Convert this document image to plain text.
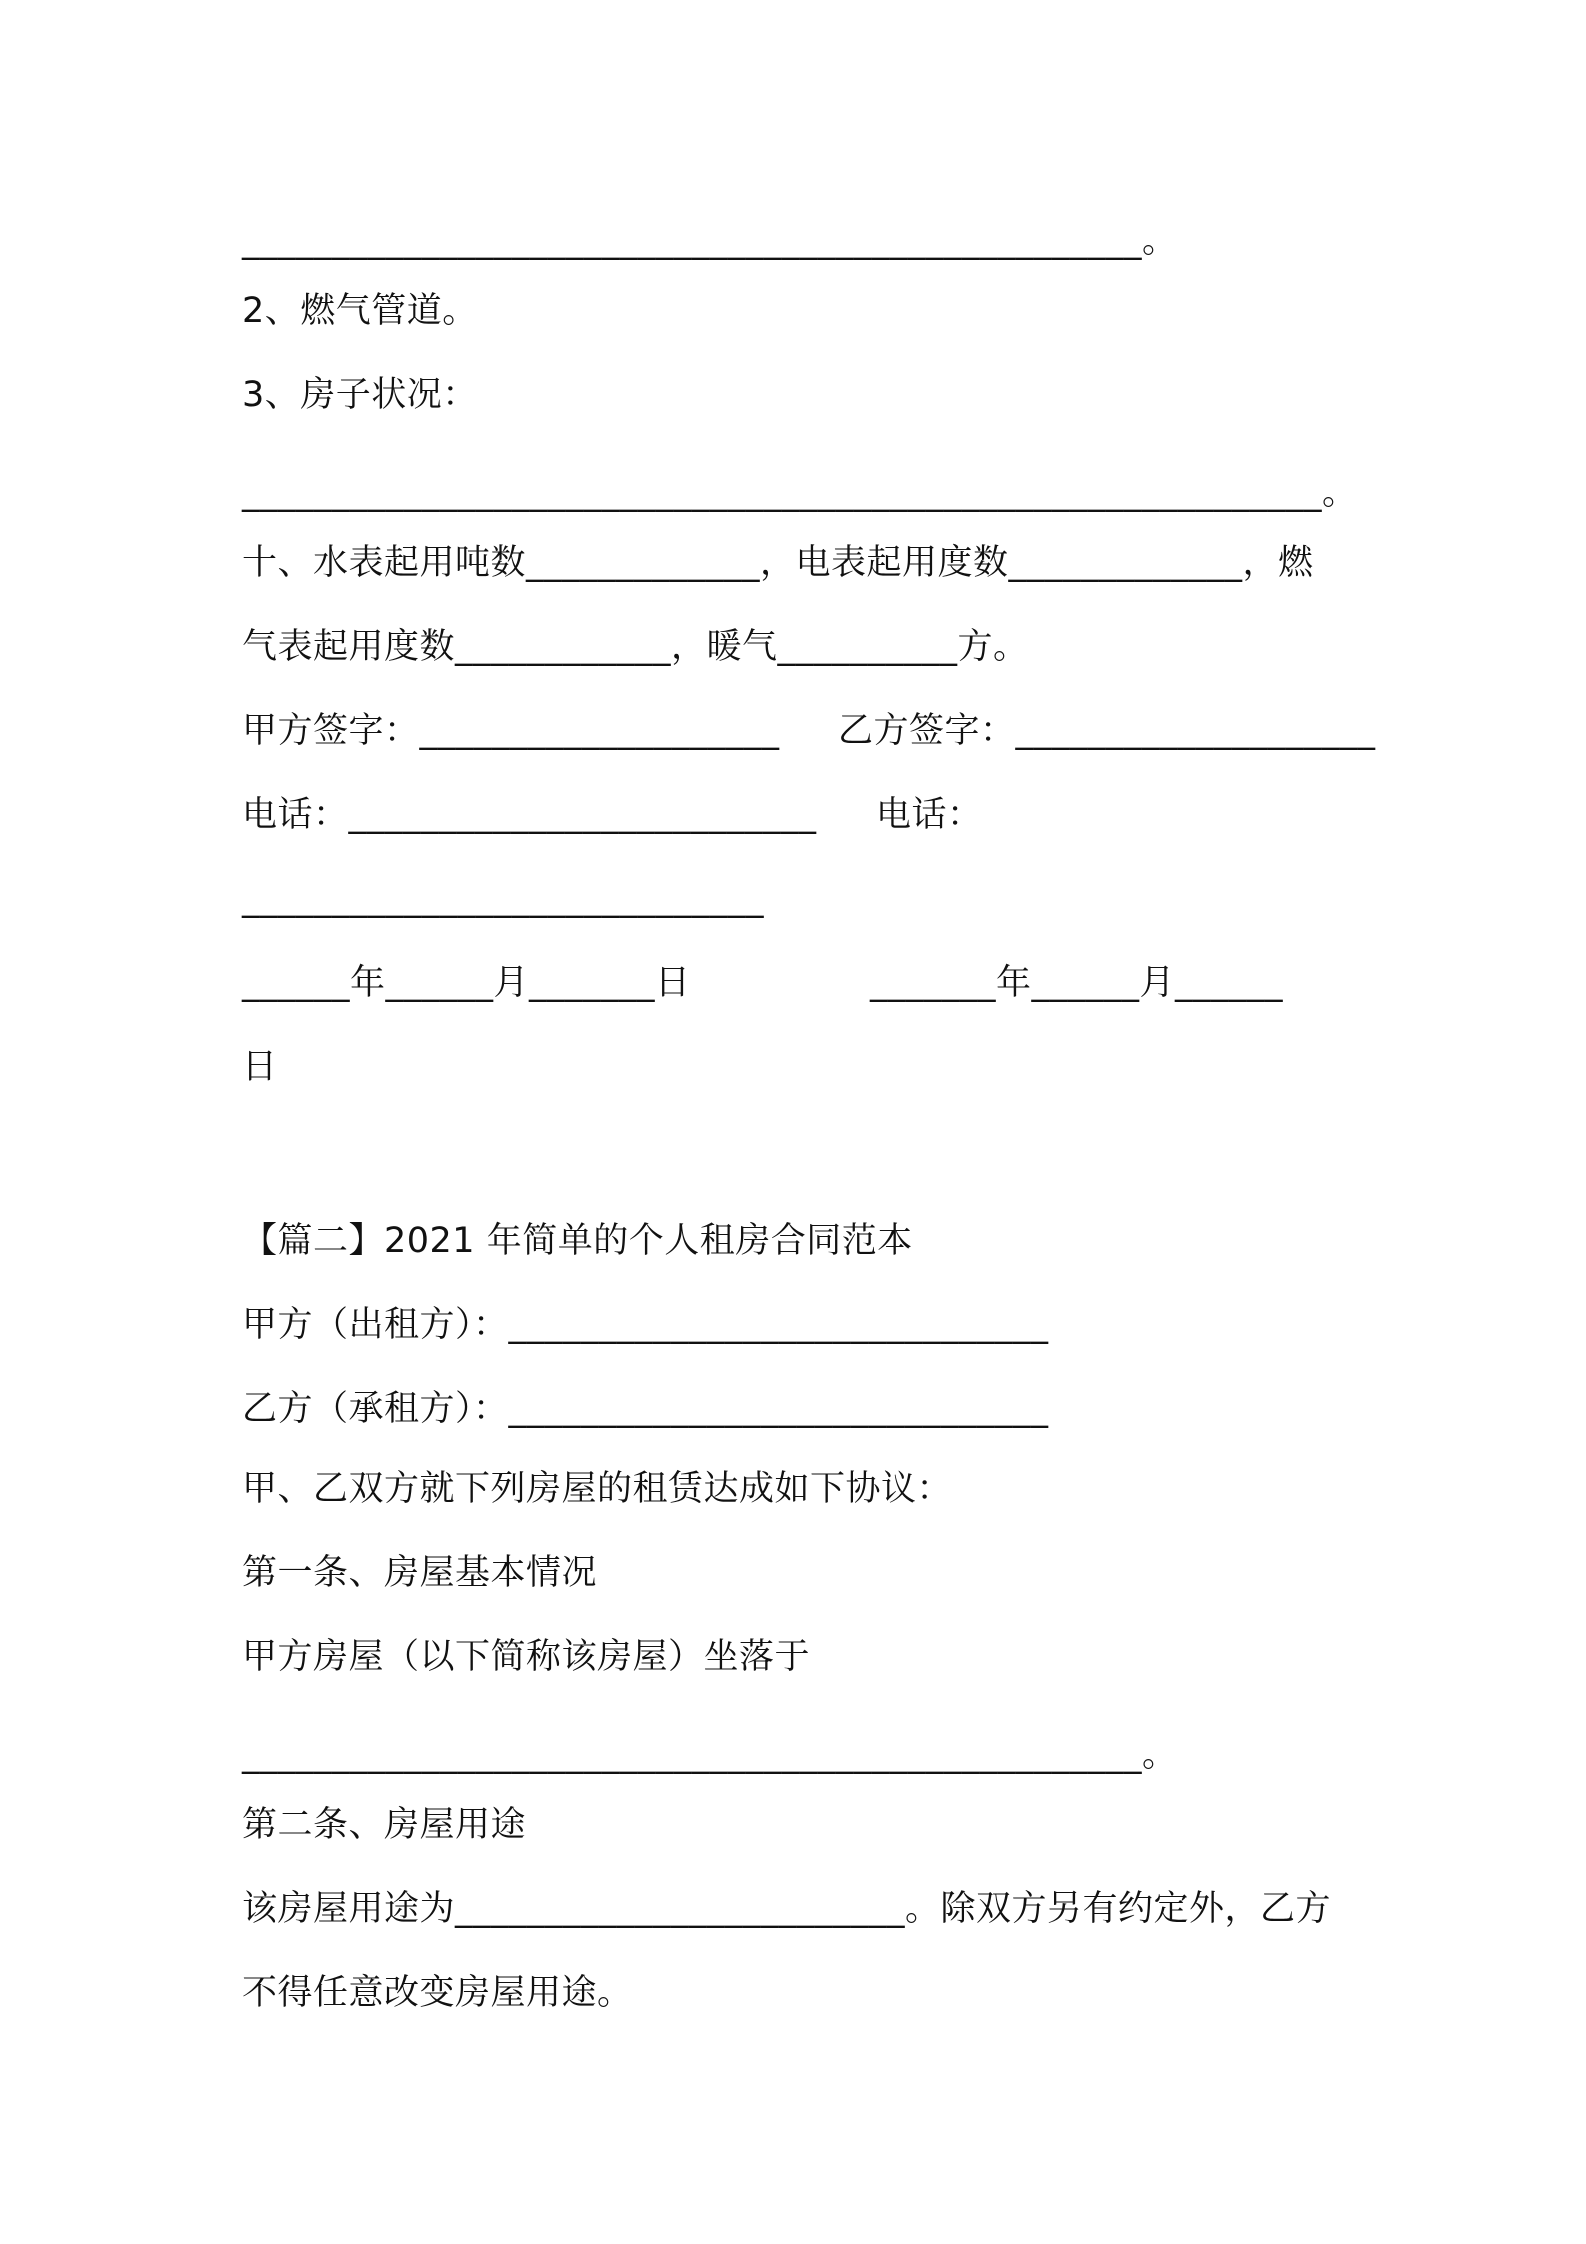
__________________________________________________。
2、燃气管道。
3、房子状况：
____________________________________________________________。
十、水表起用吨数_____________，电表起用度数_____________，燃
气表起用度数____________，暖气__________方。
甲方签字：____________________ 乙方签字：____________________
电话：__________________________ 电话：
_____________________________
______年______月_______日	_______年______月______
日
【篇二】2021 年简单的个人租房合同范本
甲方（出租方）：______________________________
乙方（承租方）：______________________________
甲、乙双方就下列房屋的租赁达成如下协议：
第一条、房屋基本情况
甲方房屋（以下简称该房屋）坐落于
__________________________________________________。
第二条、房屋用途
该房屋用途为_________________________。除双方另有约定外，乙方
不得任意改变房屋用途。
